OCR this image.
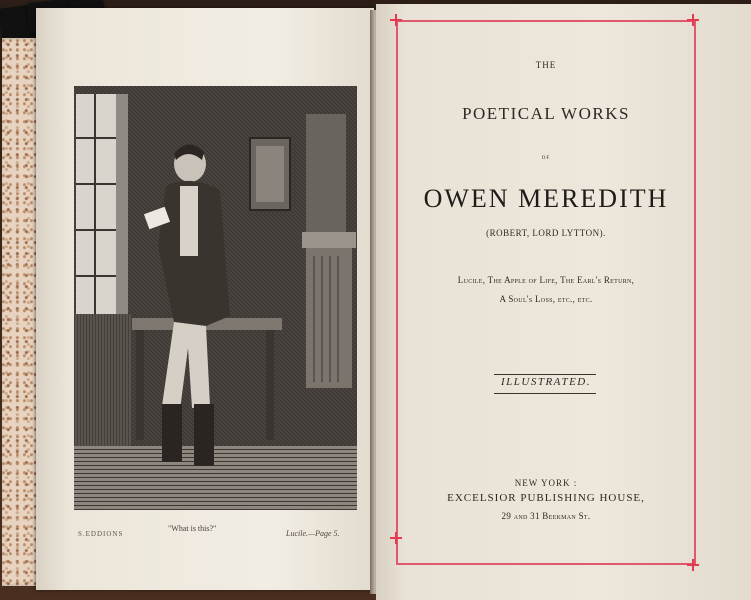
S.EDDIONS
"What is this?"
Lucile.—Page 5.
THE
POETICAL WORKS
OF
OWEN MEREDITH
(ROBERT, LORD LYTTON).
Lucile, The Apple of Life, The Earl's Return,
A Soul's Loss, etc., etc.
ILLUSTRATED.
NEW YORK :
EXCELSIOR PUBLISHING HOUSE,
29 and 31 Beekman St.
